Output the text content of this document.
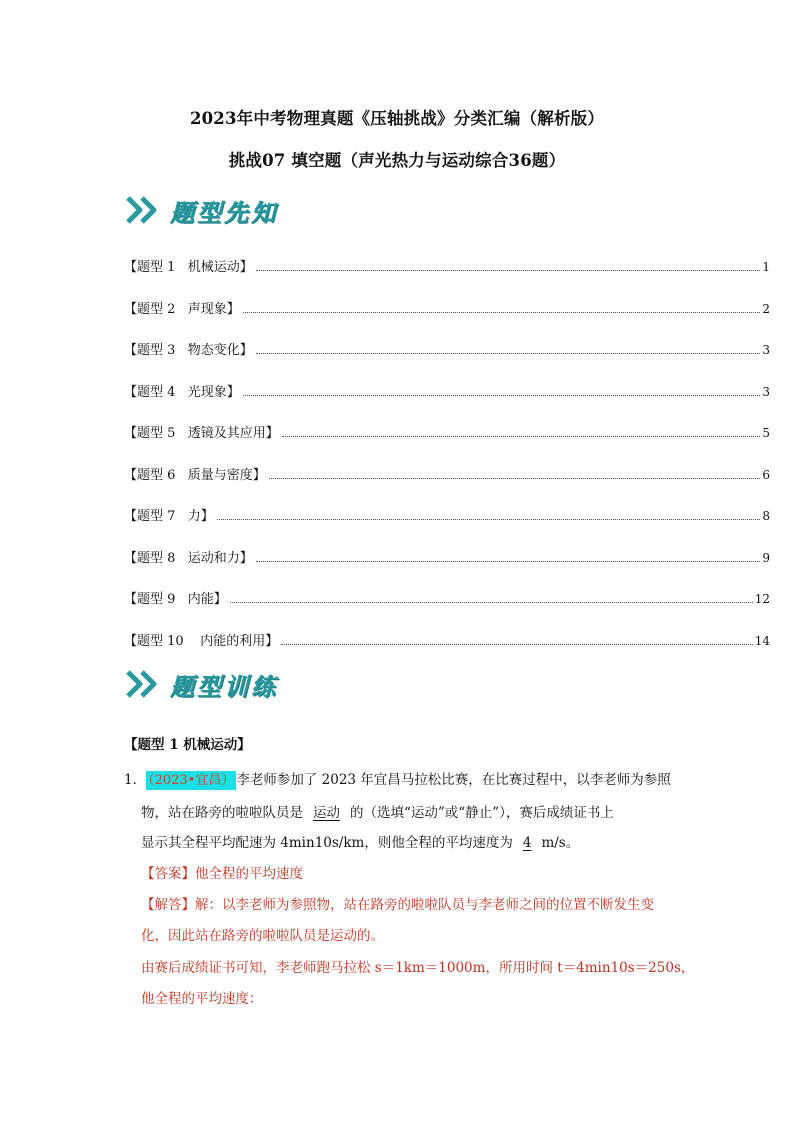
2023年中考物理真题《压轴挑战》分类汇编（解析版）
挑战07 填空题（声光热力与运动综合36题）
题型先知
【题型 1   机械运动】	1
【题型 2   声现象】	2
【题型 3   物态变化】	3
【题型 4   光现象】	3
【题型 5   透镜及其应用】	5
【题型 6   质量与密度】	6
【题型 7   力】	8
【题型 8   运动和力】	9
【题型 9   内能】	12
【题型 10    内能的利用】	14
题型训练
【题型 1 机械运动】
1． （2023•宜昌） 李老师参加了 2023 年宜昌马拉松比赛，在比赛过程中，以李老师为参照
物，站在路旁的啦啦队员是 运动 的（选填“运动”或“静止”），赛后成绩证书上
显示其全程平均配速为 4min10s/km，则他全程的平均速度为 4 m/s。
【答案】他全程的平均速度
【解答】解：以李老师为参照物，站在路旁的啦啦队员与李老师之间的位置不断发生变
化，因此站在路旁的啦啦队员是运动的。
由赛后成绩证书可知，李老师跑马拉松 s＝1km＝1000m，所用时间 t＝4min10s＝250s，
他全程的平均速度：
